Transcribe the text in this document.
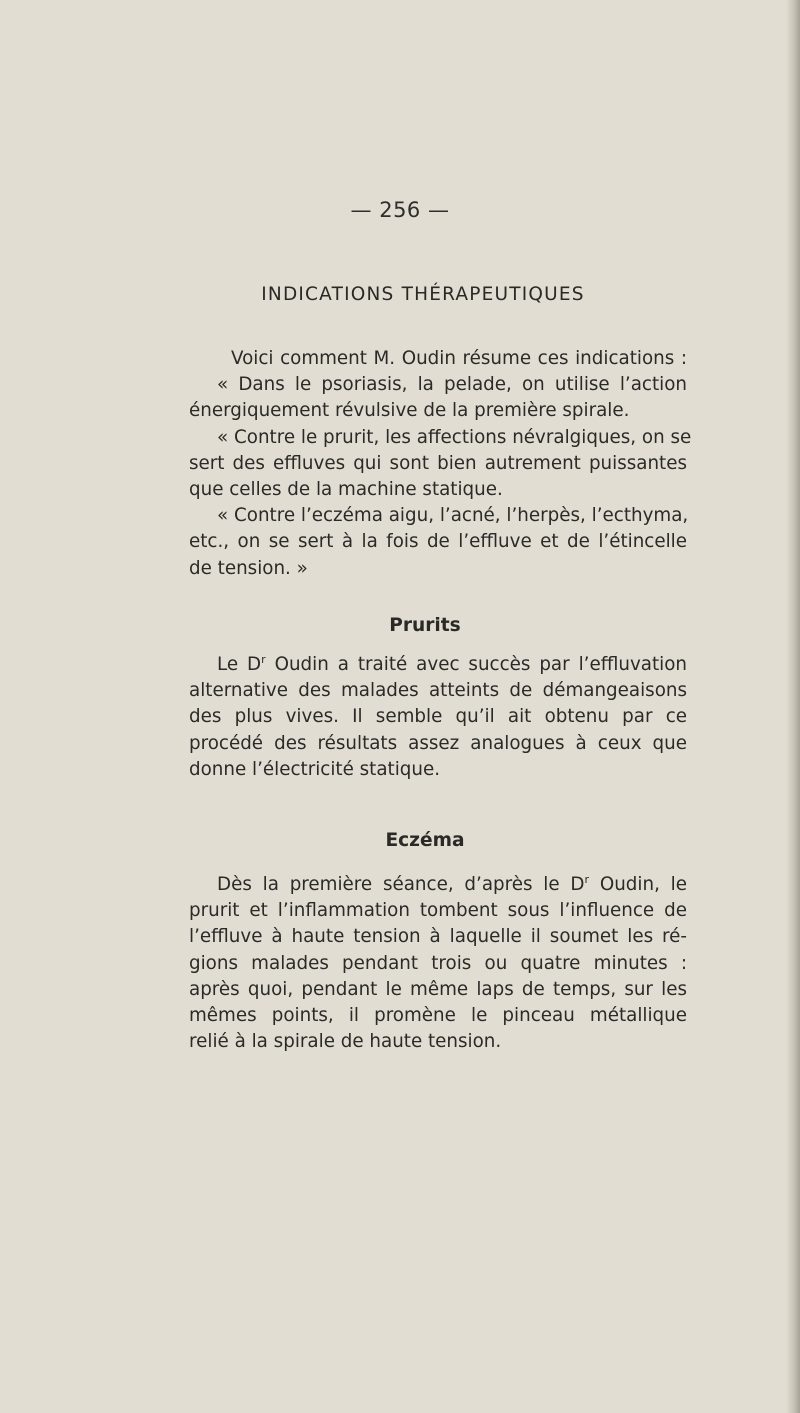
— 256 —
INDICATIONS THÉRAPEUTIQUES
Voici comment M. Oudin résume ces indications :
« Dans le psoriasis, la pelade, on utilise l’action
énergiquement révulsive de la première spirale.
« Contre le prurit, les affections névralgiques, on se
sert des effluves qui sont bien autrement puissantes
que celles de la machine statique.
« Contre l’eczéma aigu, l’acné, l’herpès, l’ecthyma,
etc., on se sert à la fois de l’effluve et de l’étincelle
de tension. »
Prurits
Le $D^r$ Oudin a traité avec succès par l’effluvation
alternative des malades atteints de démangeaisons
des plus vives. Il semble qu’il ait obtenu par ce
procédé des résultats assez analogues à ceux que
donne l’électricité statique.
Eczéma
Dès la première séance, d’après le $D^r$ Oudin, le
prurit et l’inflammation tombent sous l’influence de
l’effluve à haute tension à laquelle il soumet les ré-
gions malades pendant trois ou quatre minutes :
après quoi, pendant le même laps de temps, sur les
mêmes points, il promène le pinceau métallique
relié à la spirale de haute tension.
